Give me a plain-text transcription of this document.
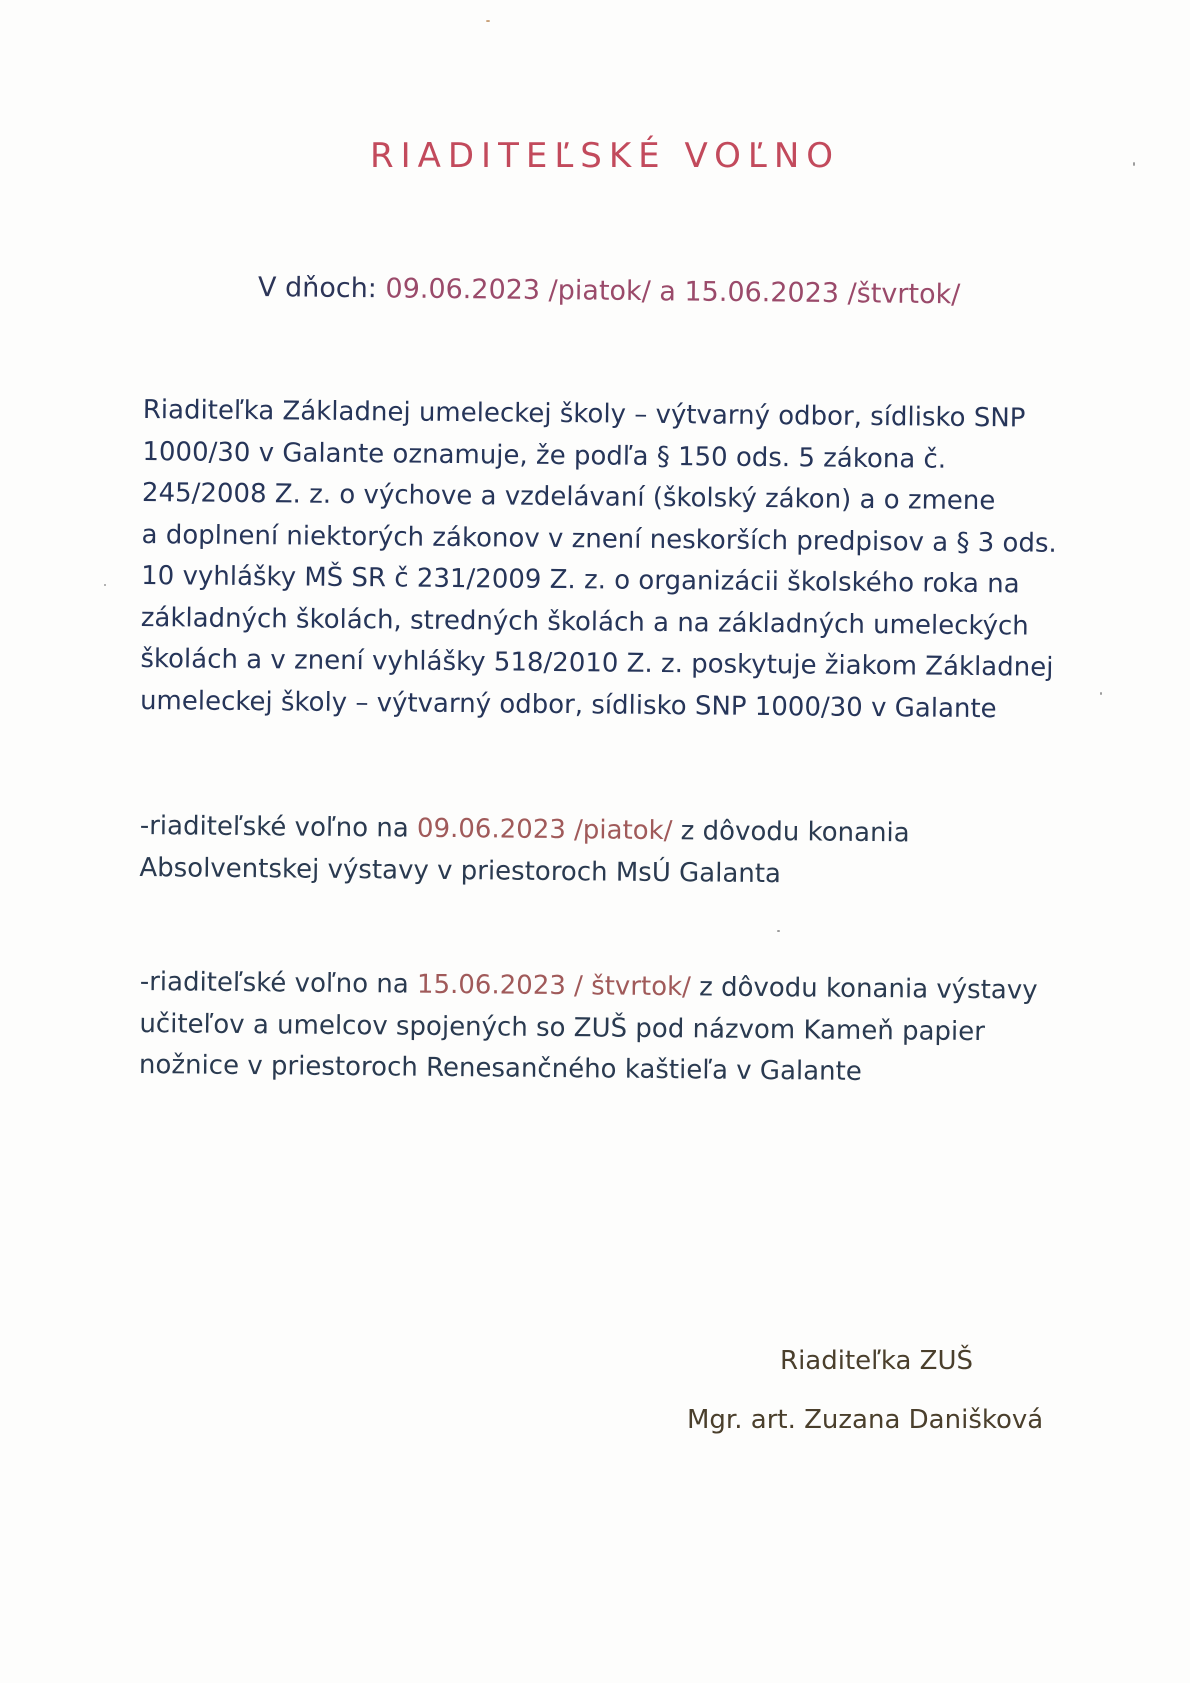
RIADITEĽSKÉ VOĽNO
V dňoch: 09.06.2023 /piatok/ a 15.06.2023 /štvrtok/
Riaditeľka Základnej umeleckej školy – výtvarný odbor, sídlisko SNP
1000/30 v Galante oznamuje, že podľa § 150 ods. 5 zákona č.
245/2008 Z. z. o výchove a vzdelávaní (školský zákon) a o zmene
a doplnení niektorých zákonov v znení neskorších predpisov a § 3 ods.
10 vyhlášky MŠ SR č 231/2009 Z. z. o organizácii školského roka na
základných školách, stredných školách a na základných umeleckých
školách a v znení vyhlášky 518/2010 Z. z. poskytuje žiakom Základnej
umeleckej školy – výtvarný odbor, sídlisko SNP 1000/30 v Galante
-riaditeľské voľno na 09.06.2023 /piatok/ z dôvodu konania
Absolventskej výstavy v priestoroch MsÚ Galanta
-riaditeľské voľno na 15.06.2023 / štvrtok/ z dôvodu konania výstavy
učiteľov a umelcov spojených so ZUŠ pod názvom Kameň papier
nožnice v priestoroch Renesančného kaštieľa v Galante
Riaditeľka ZUŠ
Mgr. art. Zuzana Danišková
